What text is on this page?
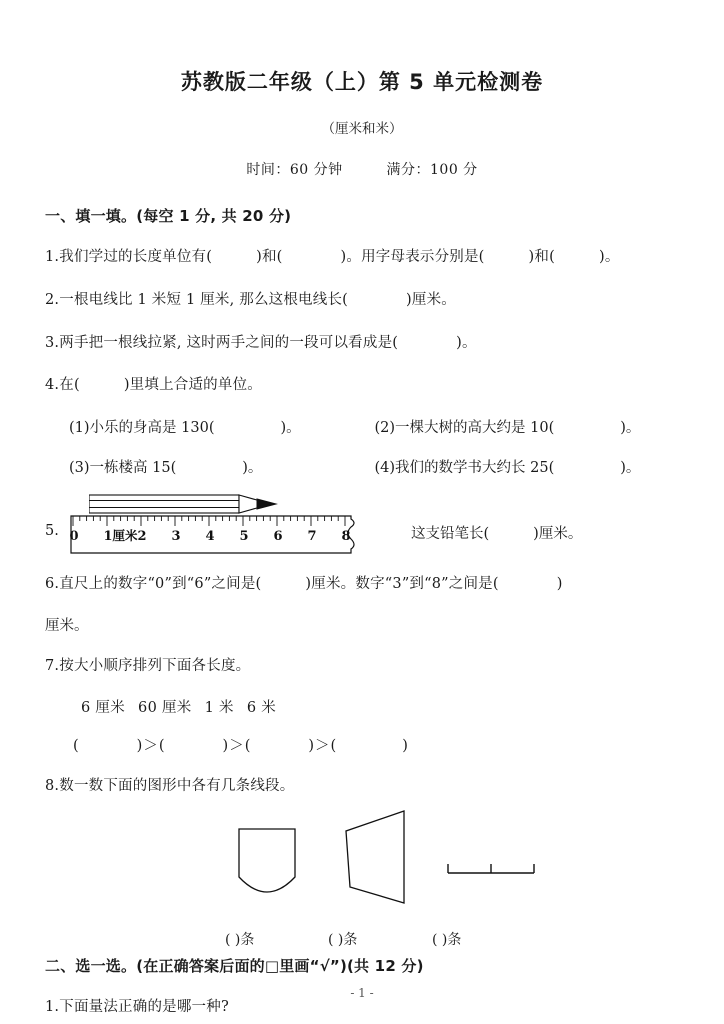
苏教版二年级（上）第 5 单元检测卷
（厘米和米）
时间：60 分钟	满分：100 分
一、填一填。(每空 1 分, 共 20 分)
1.我们学过的长度单位有(	)和(	)。用字母表示分别是(	)和(	)。
2.一根电线比 1 米短 1 厘米, 那么这根电线长(	)厘米。
3.两手把一根线拉紧, 这时两手之间的一段可以看成是(	)。
4.在(	)里填上合适的单位。
(1)小乐的身高是 130(	)。	(2)一棵大树的高大约是 10(	)。
(3)一栋楼高 15(	)。	(4)我们的数学书大约长 25(	)。
5. 0 1 2 3 4 5 6 7 8
厘米	这支铅笔长(	)厘米。
6.直尺上的数字“0”到“6”之间是(	)厘米。数字“3”到“8”之间是(	)
厘米。
7.按大小顺序排列下面各长度。
6 厘米 60 厘米 1 米 6 米
(	)＞(	)＞(	)＞(	)
8.数一数下面的图形中各有几条线段。
( )条	( )条	( )条
二、选一选。(在正确答案后面的□里画“√”)(共 12 分)
1.下面量法正确的是哪一种?
- 1 -
